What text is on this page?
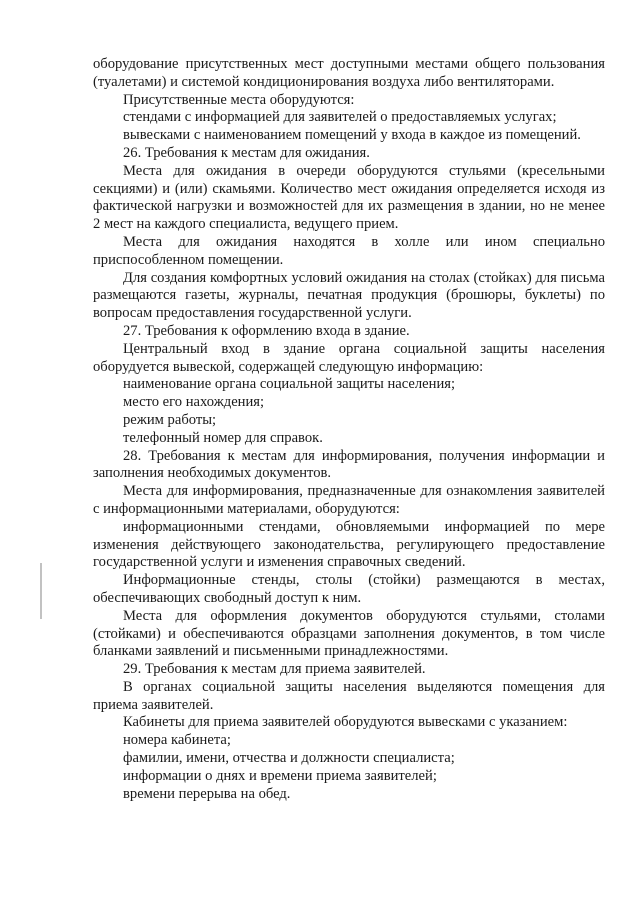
оборудование присутственных мест доступными местами общего пользования (туалетами) и системой кондиционирования воздуха либо вентиляторами.

Присутственные места оборудуются:

стендами с информацией для заявителей о предоставляемых услугах;

вывесками с наименованием помещений у входа в каждое из помещений.

26. Требования к местам для ожидания.

Места для ожидания в очереди оборудуются стульями (кресельными секциями) и (или) скамьями. Количество мест ожидания определяется исходя из фактической нагрузки и возможностей для их размещения в здании, но не менее 2 мест на каждого специалиста, ведущего прием.

Места для ожидания находятся в холле или ином специально приспособленном помещении.

Для создания комфортных условий ожидания на столах (стойках) для письма размещаются газеты, журналы, печатная продукция (брошюры, буклеты) по вопросам предоставления государственной услуги.

27. Требования к оформлению входа в здание.

Центральный вход в здание органа социальной защиты населения оборудуется вывеской, содержащей следующую информацию:

наименование органа социальной защиты населения;

место его нахождения;

режим работы;

телефонный номер для справок.

28. Требования к местам для информирования, получения информации и заполнения необходимых документов.

Места для информирования, предназначенные для ознакомления заявителей с информационными материалами, оборудуются:

информационными стендами, обновляемыми информацией по мере изменения действующего законодательства, регулирующего предоставление государственной услуги и изменения справочных сведений.

Информационные стенды, столы (стойки) размещаются в местах, обеспечивающих свободный доступ к ним.

Места для оформления документов оборудуются стульями, столами (стойками) и обеспечиваются образцами заполнения документов, в том числе бланками заявлений и письменными принадлежностями.

29. Требования к местам для приема заявителей.

В органах социальной защиты населения выделяются помещения для приема заявителей.

Кабинеты для приема заявителей оборудуются вывесками с указанием:

номера кабинета;

фамилии, имени, отчества и должности специалиста;

информации о днях и времени приема заявителей;

времени перерыва на обед.
